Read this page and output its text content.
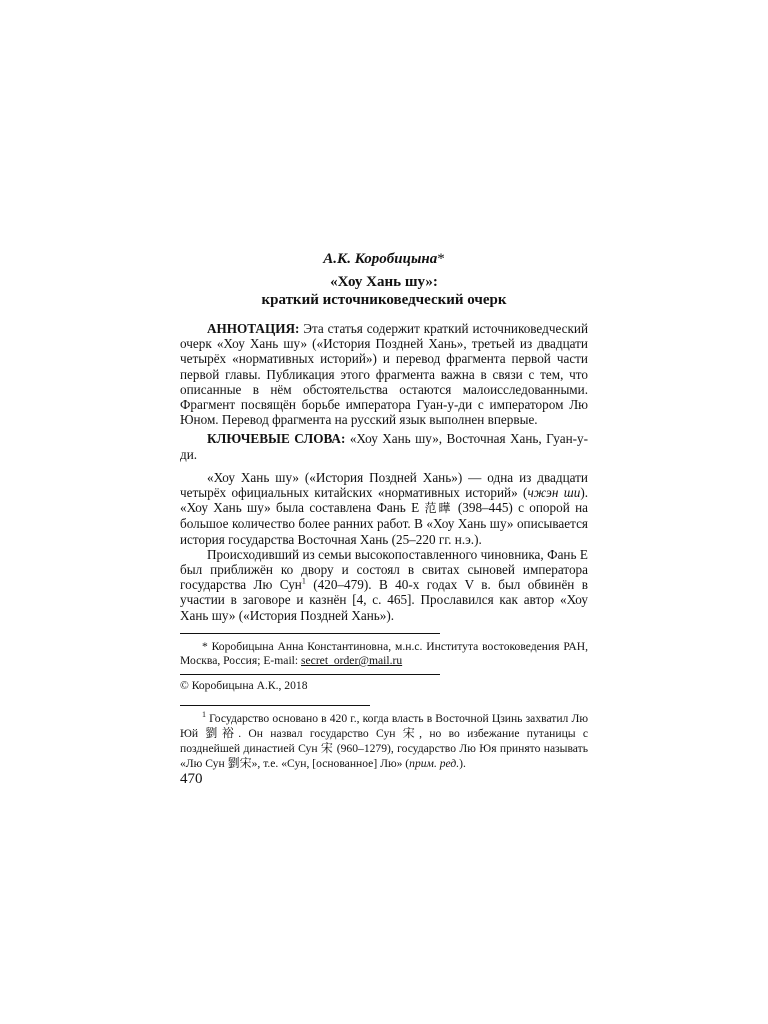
А.К. Коробицына*

«Хоу Хань шу»:

краткий источниковедческий очерк

АННОТАЦИЯ: Эта статья содержит краткий источниковедческий очерк «Хоу Хань шу» («История Поздней Хань», третьей из двадцати четырёх «нормативных историй») и перевод фрагмента первой части первой главы. Публикация этого фрагмента важна в связи с тем, что описанные в нём обстоятельства остаются малоисследованными. Фрагмент посвящён борьбе императора Гуан-у-ди с императором Лю Юном. Перевод фрагмента на русский язык выполнен впервые.

КЛЮЧЕВЫЕ СЛОВА: «Хоу Хань шу», Восточная Хань, Гуан-у-ди.

«Хоу Хань шу» («История Поздней Хань») — одна из двадцати четырёх официальных китайских «нормативных историй» (чжэн ши). «Хоу Хань шу» была составлена Фань Е 范曄 (398–445) с опорой на большое количество более ранних работ. В «Хоу Хань шу» описывается история государства Восточная Хань (25–220 гг. н.э.).

Происходивший из семьи высокопоставленного чиновника, Фань Е был приближён ко двору и состоял в свитах сыновей императора государства Лю Сун$^1$ (420–479). В 40-х годах V в. был обвинён в участии в заговоре и казнён [4, с. 465]. Прославился как автор «Хоу Хань шу» («История Поздней Хань»).

* Коробицына Анна Константиновна, м.н.с. Института востоковедения РАН, Москва, Россия; E-mail: secret_order@mail.ru

© Коробицына А.К., 2018

$^1$ Государство основано в 420 г., когда власть в Восточной Цзинь захватил Лю Юй 劉裕. Он назвал государство Сун 宋, но во избежание путаницы с позднейшей династией Сун 宋 (960–1279), государство Лю Юя принято называть «Лю Сун 劉宋», т.е. «Сун, [основанное] Лю» (прим. ред.).

470
